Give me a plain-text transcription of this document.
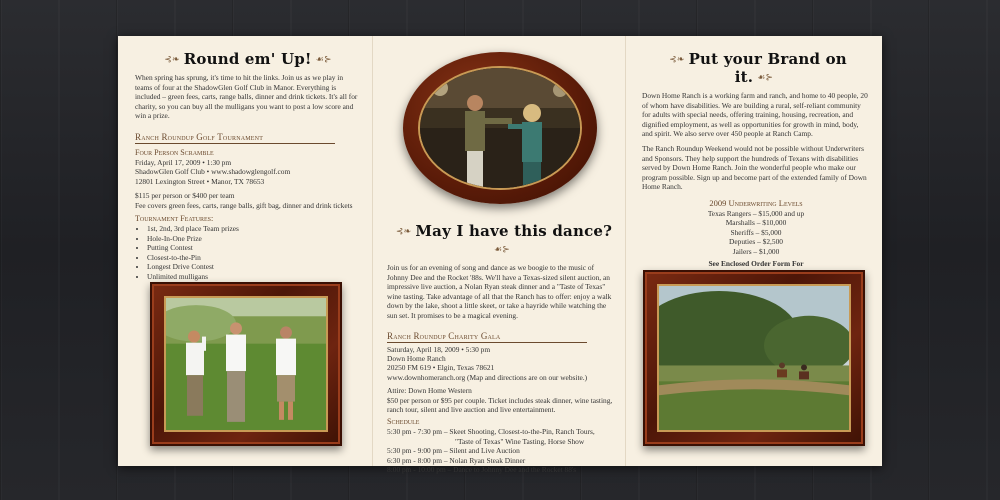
⊰❧ Round em' Up! ☙⊱

When spring has sprung, it's time to hit the links. Join us as we play in teams of four at the ShadowGlen Golf Club in Manor. Everything is included – green fees, carts, range balls, dinner and drink tickets. It's all for charity, so you can buy all the mulligans you want to post a low score and win a prize.

Ranch Roundup Golf Tournament
Four Person Scramble
Friday, April 17, 2009 • 1:30 pm
ShadowGlen Golf Club • www.shadowglengolf.com
12801 Lexington Street • Manor, TX 78653
$115 per person or $400 per team
Fee covers green fees, carts, range balls, gift bag, dinner and drink tickets
Tournament Features:
• 1st, 2nd, 3rd place Team prizes
• Hole-In-One Prize
• Putting Contest
• Closest-to-the-Pin
• Longest Drive Contest
• Unlimited mulligans
⊰❧ May I have this dance?☙⊱

Join us for an evening of song and dance as we boogie to the music of Johnny Dee and the Rocket '88s. We'll have a Texas-sized silent auction, an impressive live auction, a Nolan Ryan steak dinner and a "Taste of Texas" wine tasting. Take advantage of all that the Ranch has to offer: enjoy a walk down by the lake, shoot a little skeet, or take a hayride while watching the sun set. It promises to be a magical evening.

Ranch Roundup Charity Gala
Saturday, April 18, 2009 • 5:30 pm
Down Home Ranch
20250 FM 619 • Elgin, Texas 78621
www.downhomeranch.org (Map and directions are on our website.)
Attire: Down Home Western
$50 per person or $95 per couple. Ticket includes steak dinner, wine tasting, ranch tour, silent and live auction and live entertainment.
Schedule
5:30 pm - 7:30 pm – Skeet Shooting, Closest-to-the-Pin, Ranch Tours,
"Taste of Texas" Wine Tasting, Horse Show
5:30 pm - 9:00 pm – Silent and Live Auction
6:30 pm - 8:00 pm – Nolan Ryan Steak Dinner
8:00 pm - 10:00 pm – Dance to Johnny Dee and the Rocket 88's
⊰❧ Put your Brand on it. ☙⊱

Down Home Ranch is a working farm and ranch, and home to 40 people, 20 of whom have disabilities. We are building a rural, self-reliant community for adults with special needs, offering training, housing, recreation, and dignified employment, as well as opportunities for growth in mind, body, and spirit. We also serve over 450 people at Ranch Camp.

The Ranch Roundup Weekend would not be possible without Underwriters and Sponsors. They help support the hundreds of Texans with disabilities served by Down Home Ranch. Join the wonderful people who make our program possible. Sign up and become part of the extended family of Down Home Ranch.

2009 Underwriting Levels
Texas Rangers – $15,000 and up
Marshalls – $10,000
Sheriffs – $5,000
Deputies – $2,500
Jailers – $1,000
See Enclosed Order Form For
